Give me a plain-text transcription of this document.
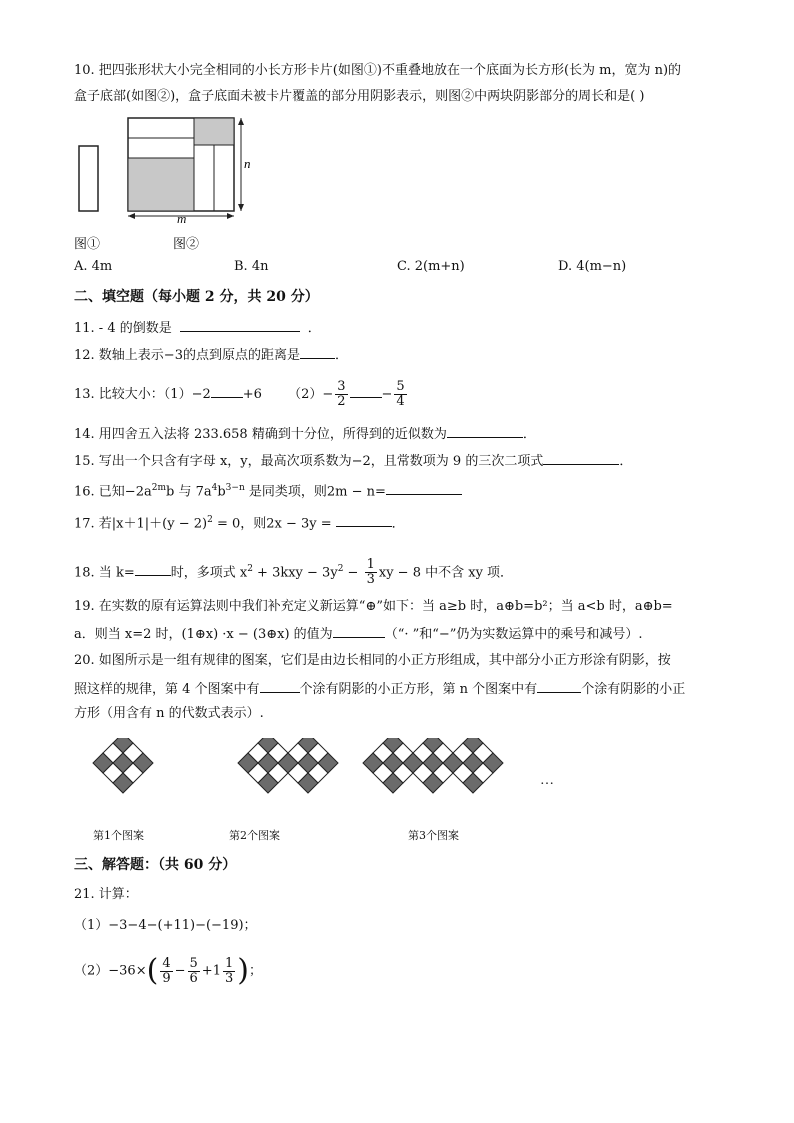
10. 把四张形状大小完全相同的小长方形卡片(如图①)不重叠地放在一个底面为长方形(长为 m，宽为 n)的
盒子底部(如图②)，盒子底面未被卡片覆盖的部分用阴影表示，则图②中两块阴影部分的周长和是( )
n
m
图①	图②
A. 4m	B. 4n	C. 2(m+n)	D. 4(m−n)
二、填空题（每小题 2 分，共 20 分）
11. - 4 的倒数是	．
12. 数轴上表示−3的点到原点的距离是	．
13. 比较大小：（1）−2 +6 $(2)- \frac{3}{2}$	− $\frac{5}{4}$
14. 用四舍五入法将 233.658 精确到十分位，所得到的近似数为	．
15. 写出一个只含有字母 x，y，最高次项系数为−2，且常数项为 9 的三次二项式	．
16. 已知$-2a^{2m}b$ 与 $7a^4b^{3-n}$ 是同类项，则2m − n=
17. 若$|x+1|+(y - 2)^2 = 0$，则2x − 3y =	．
18. 当 k=	时，多项式 $x^2 + 3kxy - 3y^2 - \frac{1}{3}$ xy − 8 中不含 xy 项．
19. 在实数的原有运算法则中我们补充定义新运算“⊕”如下：当 a≥b 时，a⊕b=b²；当 a<b 时，a⊕b=
a．则当 x=2 时，(1⊕x) ·x − (3⊕x) 的值为	（“· ”和“−”仍为实数运算中的乘号和减号）.
20. 如图所示是一组有规律的图案，它们是由边长相同的小正方形组成，其中部分小正方形涂有阴影，按
照这样的规律，第 4 个图案中有	个涂有阴影的小正方形，第 n 个图案中有	个涂有阴影的小正
方形（用含有 n 的代数式表示）.
…
第1个图案	第2个图案	第3个图案
三、解答题：（共 60 分）
21. 计算：
（1）−3−4−(+11)−(−19)；
$(2)-36\times( \frac{4}{9} - \frac{5}{6} +1 \frac{1}{3}$ )；
